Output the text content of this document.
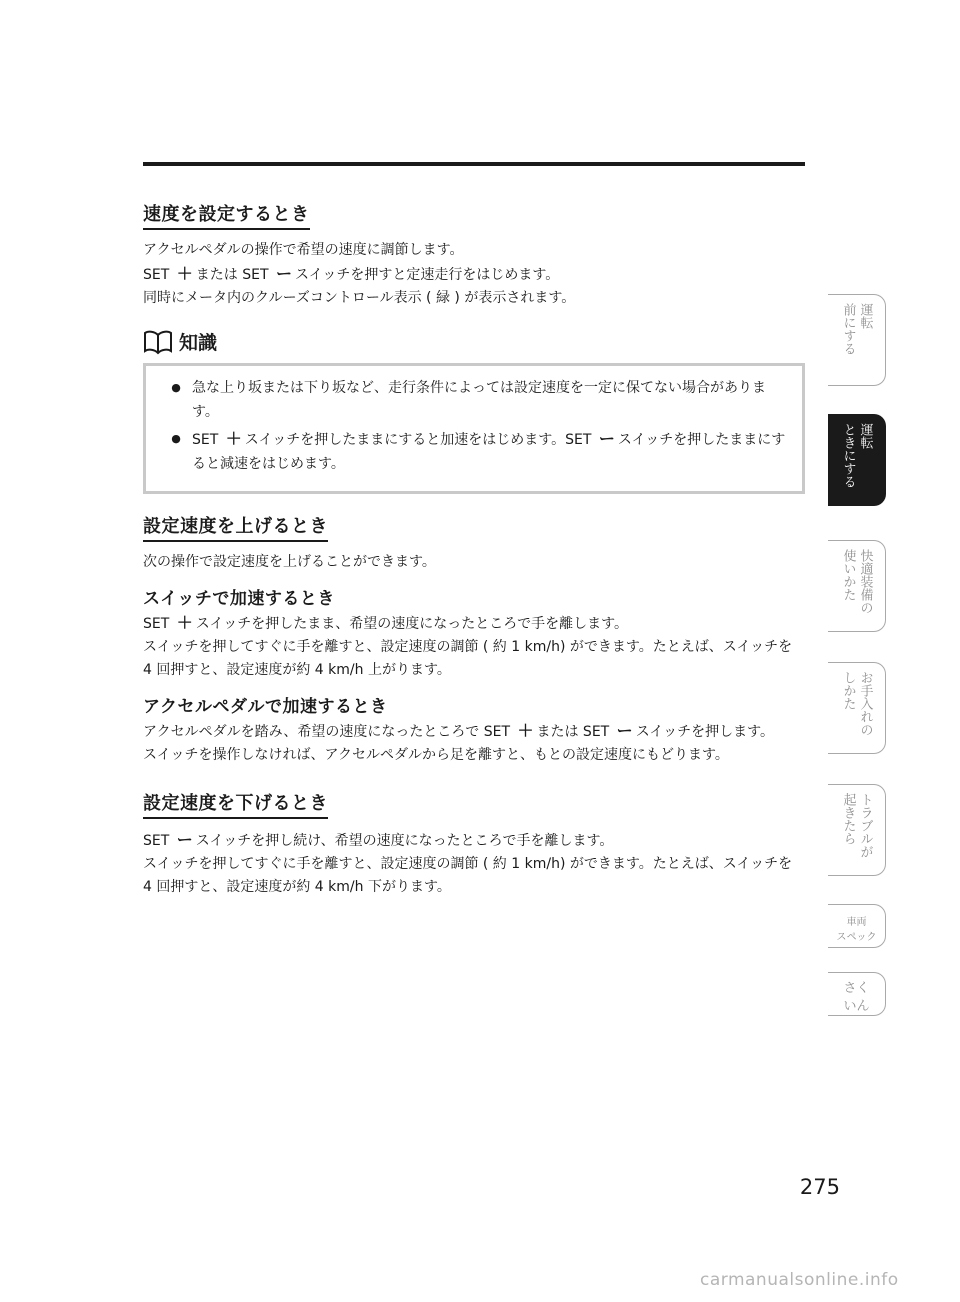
速度を設定するとき

アクセルペダルの操作で希望の速度に調節します。

SET ＋ または SET ー スイッチを押すと定速走行をはじめます。

同時にメータ内のクルーズコントロール表示 ( 緑 ) が表示されます。

知識
● 急な上り坂または下り坂など、走行条件によっては設定速度を一定に保てない場合があります。
● SET ＋ スイッチを押したままにすると加速をはじめます。SET ー スイッチを押したままにすると減速をはじめます。
設定速度を上げるとき

次の操作で設定速度を上げることができます。

スイッチで加速するとき

SET ＋ スイッチを押したまま、希望の速度になったところで手を離します。

スイッチを押してすぐに手を離すと、設定速度の調節 ( 約 1 km/h) ができます。たとえば、スイッチを 4 回押すと、設定速度が約 4 km/h 上がります。

アクセルペダルで加速するとき

アクセルペダルを踏み、希望の速度になったところで SET ＋ または SET ー スイッチを押します。

スイッチを操作しなければ、アクセルペダルから足を離すと、もとの設定速度にもどります。

設定速度を下げるとき

SET ー スイッチを押し続け、希望の速度になったところで手を離します。

スイッチを押してすぐに手を離すと、設定速度の調節 ( 約 1 km/h) ができます。たとえば、スイッチを 4 回押すと、設定速度が約 4 km/h 下がります。

運転
前にする
運転
ときにする
快適装備の
使いかた
お手入れの
しかた
トラブルが
起きたら
車両
スペック
さく
いん
275
carmanualsonline.info
